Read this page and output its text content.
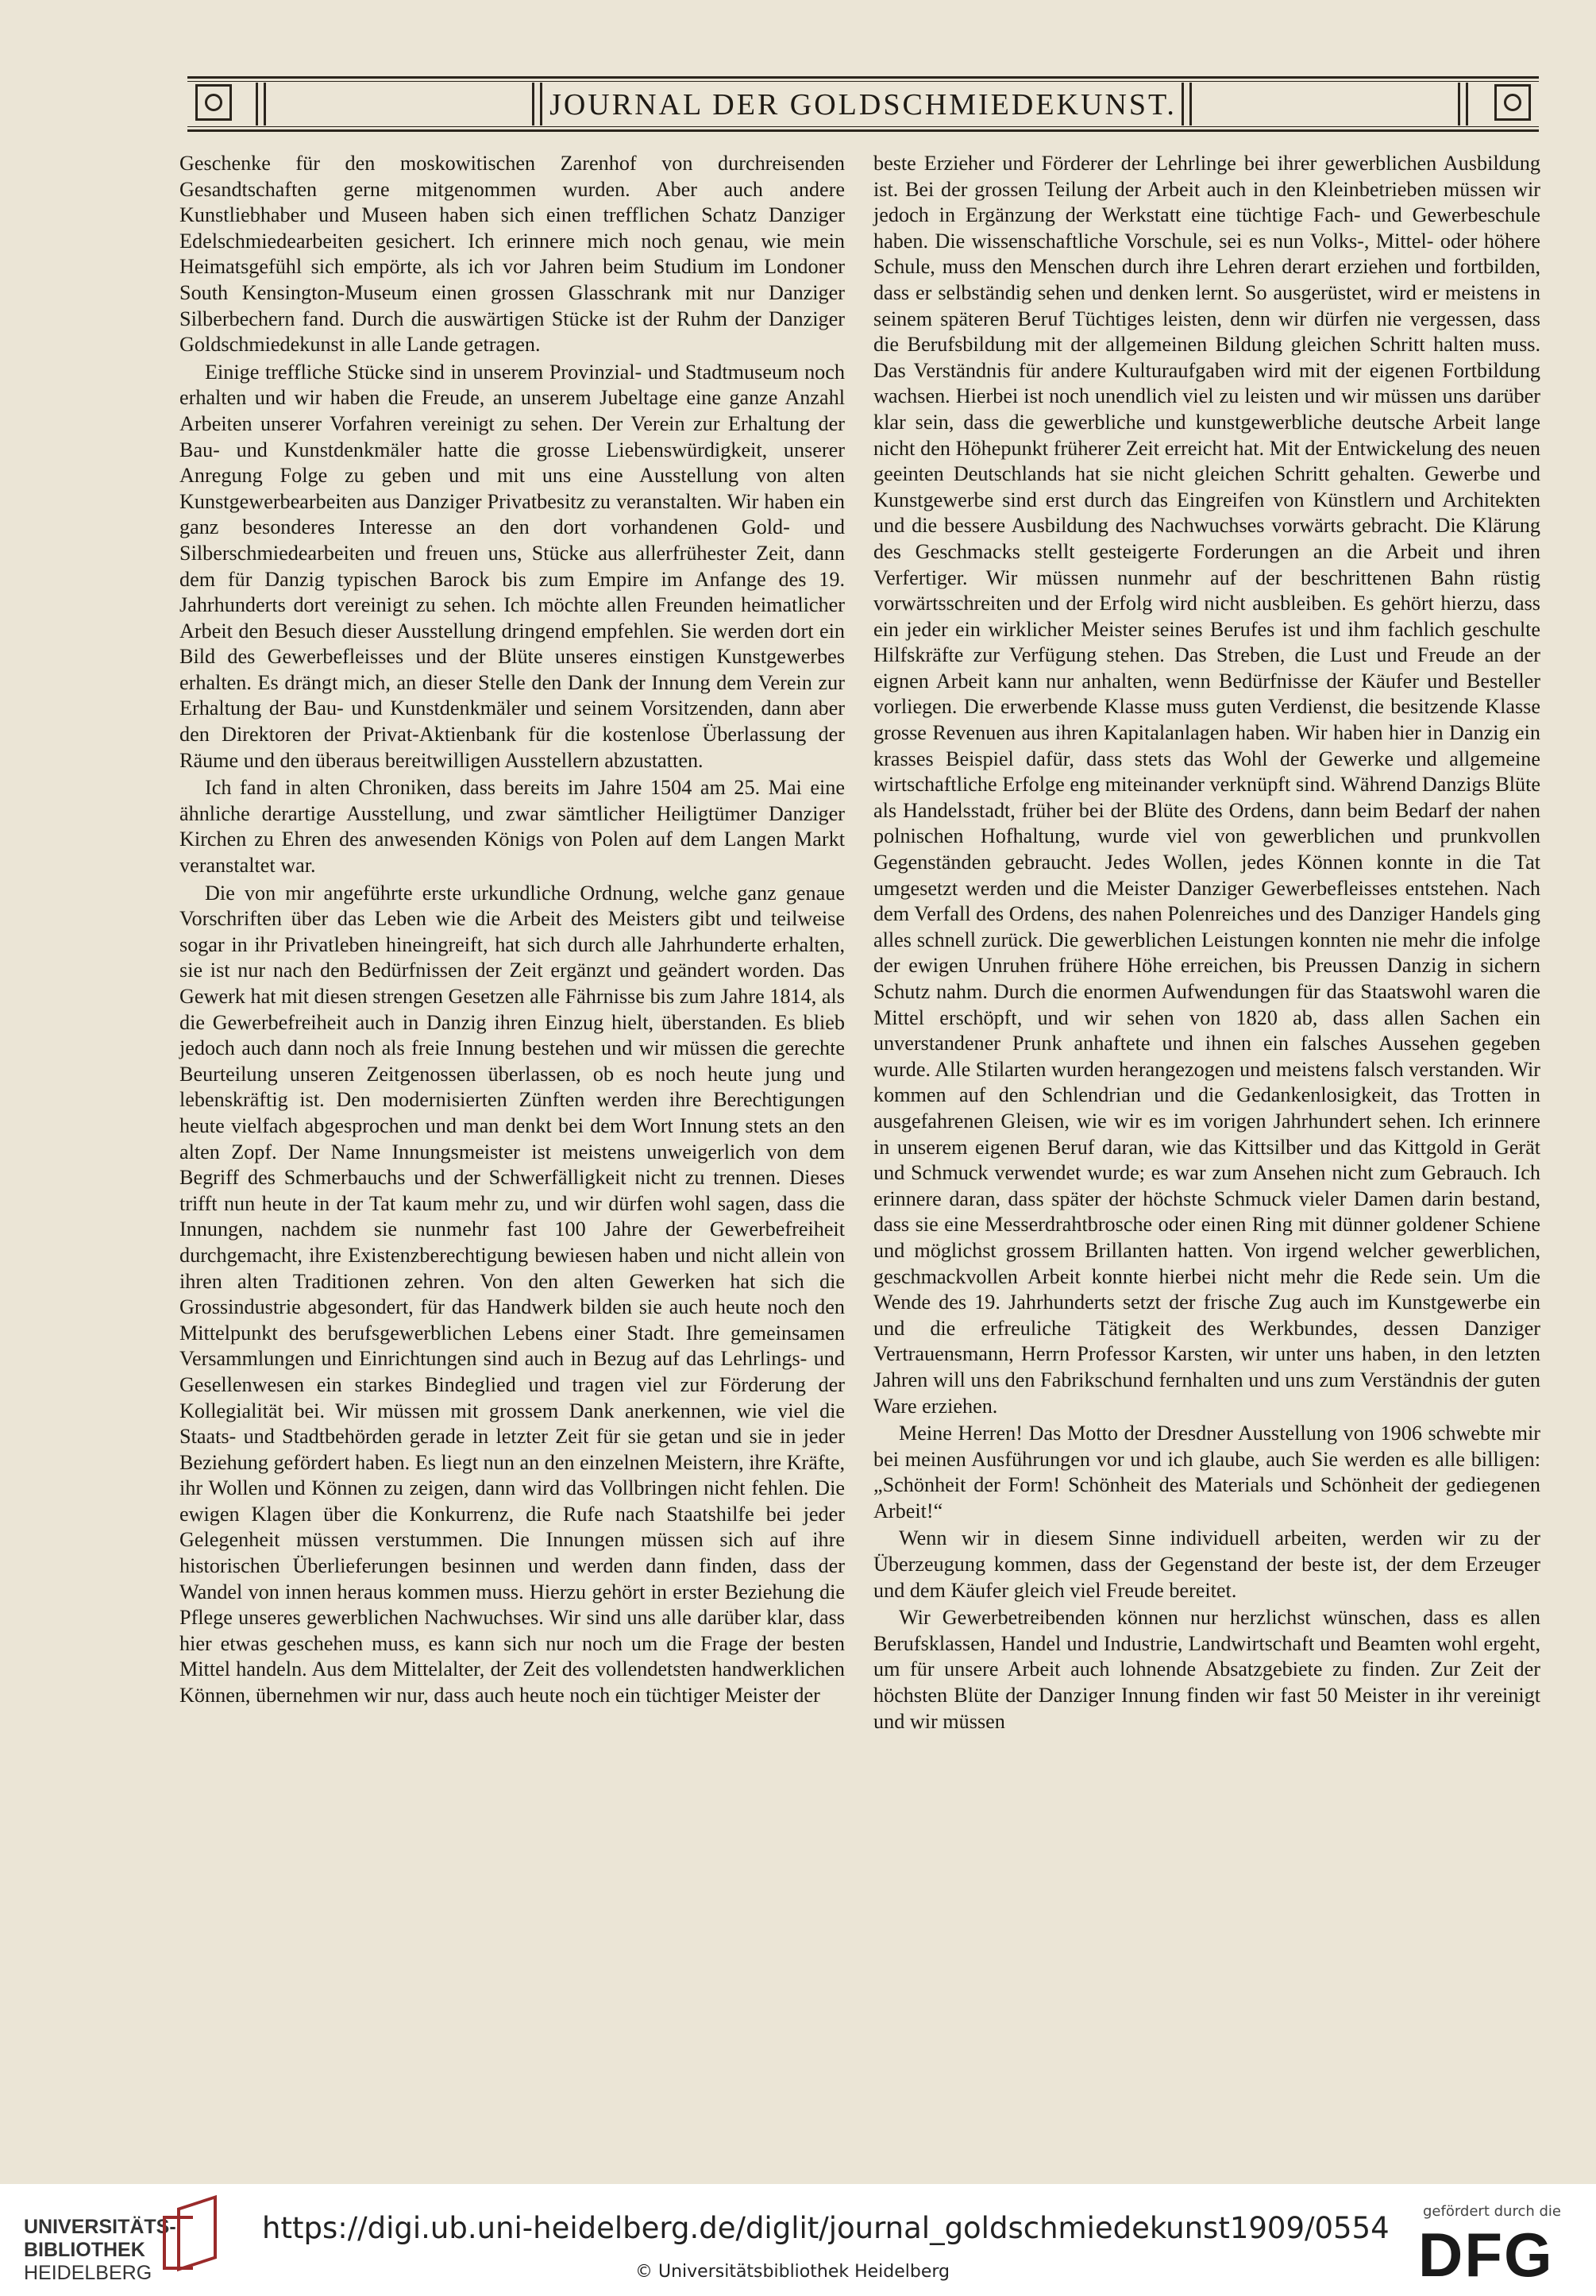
JOURNAL DER GOLDSCHMIEDEKUNST.

Geschenke für den moskowitischen Zarenhof von durchreisenden Gesandtschaften gerne mitgenommen wurden. Aber auch andere Kunstliebhaber und Museen haben sich einen trefflichen Schatz Danziger Edelschmiedearbeiten gesichert. Ich erinnere mich noch genau, wie mein Heimatsgefühl sich empörte, als ich vor Jahren beim Studium im Londoner South Kensington-Museum einen grossen Glasschrank mit nur Danziger Silberbechern fand. Durch die auswärtigen Stücke ist der Ruhm der Danziger Goldschmiedekunst in alle Lande getragen.

Einige treffliche Stücke sind in unserem Provinzial- und Stadtmuseum noch erhalten und wir haben die Freude, an unserem Jubeltage eine ganze Anzahl Arbeiten unserer Vorfahren vereinigt zu sehen. Der Verein zur Erhaltung der Bau- und Kunstdenkmäler hatte die grosse Liebenswürdigkeit, unserer Anregung Folge zu geben und mit uns eine Ausstellung von alten Kunstgewerbearbeiten aus Danziger Privatbesitz zu veranstalten. Wir haben ein ganz besonderes Interesse an den dort vorhandenen Gold- und Silberschmiedearbeiten und freuen uns, Stücke aus allerfrühester Zeit, dann dem für Danzig typischen Barock bis zum Empire im Anfange des 19. Jahrhunderts dort vereinigt zu sehen. Ich möchte allen Freunden heimatlicher Arbeit den Besuch dieser Ausstellung dringend empfehlen. Sie werden dort ein Bild des Gewerbefleisses und der Blüte unseres einstigen Kunstgewerbes erhalten. Es drängt mich, an dieser Stelle den Dank der Innung dem Verein zur Erhaltung der Bau- und Kunstdenkmäler und seinem Vorsitzenden, dann aber den Direktoren der Privat-Aktienbank für die kostenlose Überlassung der Räume und den überaus bereitwilligen Ausstellern abzustatten.

Ich fand in alten Chroniken, dass bereits im Jahre 1504 am 25. Mai eine ähnliche derartige Ausstellung, und zwar sämtlicher Heiligtümer Danziger Kirchen zu Ehren des anwesenden Königs von Polen auf dem Langen Markt veranstaltet war.

Die von mir angeführte erste urkundliche Ordnung, welche ganz genaue Vorschriften über das Leben wie die Arbeit des Meisters gibt und teilweise sogar in ihr Privatleben hineingreift, hat sich durch alle Jahrhunderte erhalten, sie ist nur nach den Bedürfnissen der Zeit ergänzt und geändert worden. Das Gewerk hat mit diesen strengen Gesetzen alle Fährnisse bis zum Jahre 1814, als die Gewerbefreiheit auch in Danzig ihren Einzug hielt, überstanden. Es blieb jedoch auch dann noch als freie Innung bestehen und wir müssen die gerechte Beurteilung unseren Zeitgenossen überlassen, ob es noch heute jung und lebenskräftig ist. Den modernisierten Zünften werden ihre Berechtigungen heute vielfach abgesprochen und man denkt bei dem Wort Innung stets an den alten Zopf. Der Name Innungsmeister ist meistens unweigerlich von dem Begriff des Schmerbauchs und der Schwerfälligkeit nicht zu trennen. Dieses trifft nun heute in der Tat kaum mehr zu, und wir dürfen wohl sagen, dass die Innungen, nachdem sie nunmehr fast 100 Jahre der Gewerbefreiheit durchgemacht, ihre Existenzberechtigung bewiesen haben und nicht allein von ihren alten Traditionen zehren. Von den alten Gewerken hat sich die Grossindustrie abgesondert, für das Handwerk bilden sie auch heute noch den Mittelpunkt des berufsgewerblichen Lebens einer Stadt. Ihre gemeinsamen Versammlungen und Einrichtungen sind auch in Bezug auf das Lehrlings- und Gesellenwesen ein starkes Bindeglied und tragen viel zur Förderung der Kollegialität bei. Wir müssen mit grossem Dank anerkennen, wie viel die Staats- und Stadtbehörden gerade in letzter Zeit für sie getan und sie in jeder Beziehung gefördert haben. Es liegt nun an den einzelnen Meistern, ihre Kräfte, ihr Wollen und Können zu zeigen, dann wird das Vollbringen nicht fehlen. Die ewigen Klagen über die Konkurrenz, die Rufe nach Staatshilfe bei jeder Gelegenheit müssen verstummen. Die Innungen müssen sich auf ihre historischen Überlieferungen besinnen und werden dann finden, dass der Wandel von innen heraus kommen muss. Hierzu gehört in erster Beziehung die Pflege unseres gewerblichen Nachwuchses. Wir sind uns alle darüber klar, dass hier etwas geschehen muss, es kann sich nur noch um die Frage der besten Mittel handeln. Aus dem Mittelalter, der Zeit des vollendetsten handwerklichen Können, übernehmen wir nur, dass auch heute noch ein tüchtiger Meister der

beste Erzieher und Förderer der Lehrlinge bei ihrer gewerblichen Ausbildung ist. Bei der grossen Teilung der Arbeit auch in den Kleinbetrieben müssen wir jedoch in Ergänzung der Werkstatt eine tüchtige Fach- und Gewerbeschule haben. Die wissenschaftliche Vorschule, sei es nun Volks-, Mittel- oder höhere Schule, muss den Menschen durch ihre Lehren derart erziehen und fortbilden, dass er selbständig sehen und denken lernt. So ausgerüstet, wird er meistens in seinem späteren Beruf Tüchtiges leisten, denn wir dürfen nie vergessen, dass die Berufsbildung mit der allgemeinen Bildung gleichen Schritt halten muss. Das Verständnis für andere Kulturaufgaben wird mit der eigenen Fortbildung wachsen. Hierbei ist noch unendlich viel zu leisten und wir müssen uns darüber klar sein, dass die gewerbliche und kunstgewerbliche deutsche Arbeit lange nicht den Höhepunkt früherer Zeit erreicht hat. Mit der Entwickelung des neuen geeinten Deutschlands hat sie nicht gleichen Schritt gehalten. Gewerbe und Kunstgewerbe sind erst durch das Eingreifen von Künstlern und Architekten und die bessere Ausbildung des Nachwuchses vorwärts gebracht. Die Klärung des Geschmacks stellt gesteigerte Forderungen an die Arbeit und ihren Verfertiger. Wir müssen nunmehr auf der beschrittenen Bahn rüstig vorwärtsschreiten und der Erfolg wird nicht ausbleiben. Es gehört hierzu, dass ein jeder ein wirklicher Meister seines Berufes ist und ihm fachlich geschulte Hilfskräfte zur Verfügung stehen. Das Streben, die Lust und Freude an der eignen Arbeit kann nur anhalten, wenn Bedürfnisse der Käufer und Besteller vorliegen. Die erwerbende Klasse muss guten Verdienst, die besitzende Klasse grosse Revenuen aus ihren Kapitalanlagen haben. Wir haben hier in Danzig ein krasses Beispiel dafür, dass stets das Wohl der Gewerke und allgemeine wirtschaftliche Erfolge eng miteinander verknüpft sind. Während Danzigs Blüte als Handelsstadt, früher bei der Blüte des Ordens, dann beim Bedarf der nahen polnischen Hofhaltung, wurde viel von gewerblichen und prunkvollen Gegenständen gebraucht. Jedes Wollen, jedes Können konnte in die Tat umgesetzt werden und die Meister Danziger Gewerbefleisses entstehen. Nach dem Verfall des Ordens, des nahen Polenreiches und des Danziger Handels ging alles schnell zurück. Die gewerblichen Leistungen konnten nie mehr die infolge der ewigen Unruhen frühere Höhe erreichen, bis Preussen Danzig in sichern Schutz nahm. Durch die enormen Aufwendungen für das Staatswohl waren die Mittel erschöpft, und wir sehen von 1820 ab, dass allen Sachen ein unverstandener Prunk anhaftete und ihnen ein falsches Aussehen gegeben wurde. Alle Stilarten wurden herangezogen und meistens falsch verstanden. Wir kommen auf den Schlendrian und die Gedankenlosigkeit, das Trotten in ausgefahrenen Gleisen, wie wir es im vorigen Jahrhundert sehen. Ich erinnere in unserem eigenen Beruf daran, wie das Kittsilber und das Kittgold in Gerät und Schmuck verwendet wurde; es war zum Ansehen nicht zum Gebrauch. Ich erinnere daran, dass später der höchste Schmuck vieler Damen darin bestand, dass sie eine Messerdrahtbrosche oder einen Ring mit dünner goldener Schiene und möglichst grossem Brillanten hatten. Von irgend welcher gewerblichen, geschmackvollen Arbeit konnte hierbei nicht mehr die Rede sein. Um die Wende des 19. Jahrhunderts setzt der frische Zug auch im Kunstgewerbe ein und die erfreuliche Tätigkeit des Werkbundes, dessen Danziger Vertrauensmann, Herrn Professor Karsten, wir unter uns haben, in den letzten Jahren will uns den Fabrikschund fernhalten und uns zum Verständnis der guten Ware erziehen.

Meine Herren! Das Motto der Dresdner Ausstellung von 1906 schwebte mir bei meinen Ausführungen vor und ich glaube, auch Sie werden es alle billigen: „Schönheit der Form! Schönheit des Materials und Schönheit der gediegenen Arbeit!“

Wenn wir in diesem Sinne individuell arbeiten, werden wir zu der Überzeugung kommen, dass der Gegenstand der beste ist, der dem Erzeuger und dem Käufer gleich viel Freude bereitet.

Wir Gewerbetreibenden können nur herzlichst wünschen, dass es allen Berufsklassen, Handel und Industrie, Landwirtschaft und Beamten wohl ergeht, um für unsere Arbeit auch lohnende Absatzgebiete zu finden. Zur Zeit der höchsten Blüte der Danziger Innung finden wir fast 50 Meister in ihr vereinigt und wir müssen

UNIVERSITÄTS-
BIBLIOTHEK
HEIDELBERG
https://digi.ub.uni-heidelberg.de/diglit/journal_goldschmiedekunst1909/0554
© Universitätsbibliothek Heidelberg
gefördert durch die
DFG
